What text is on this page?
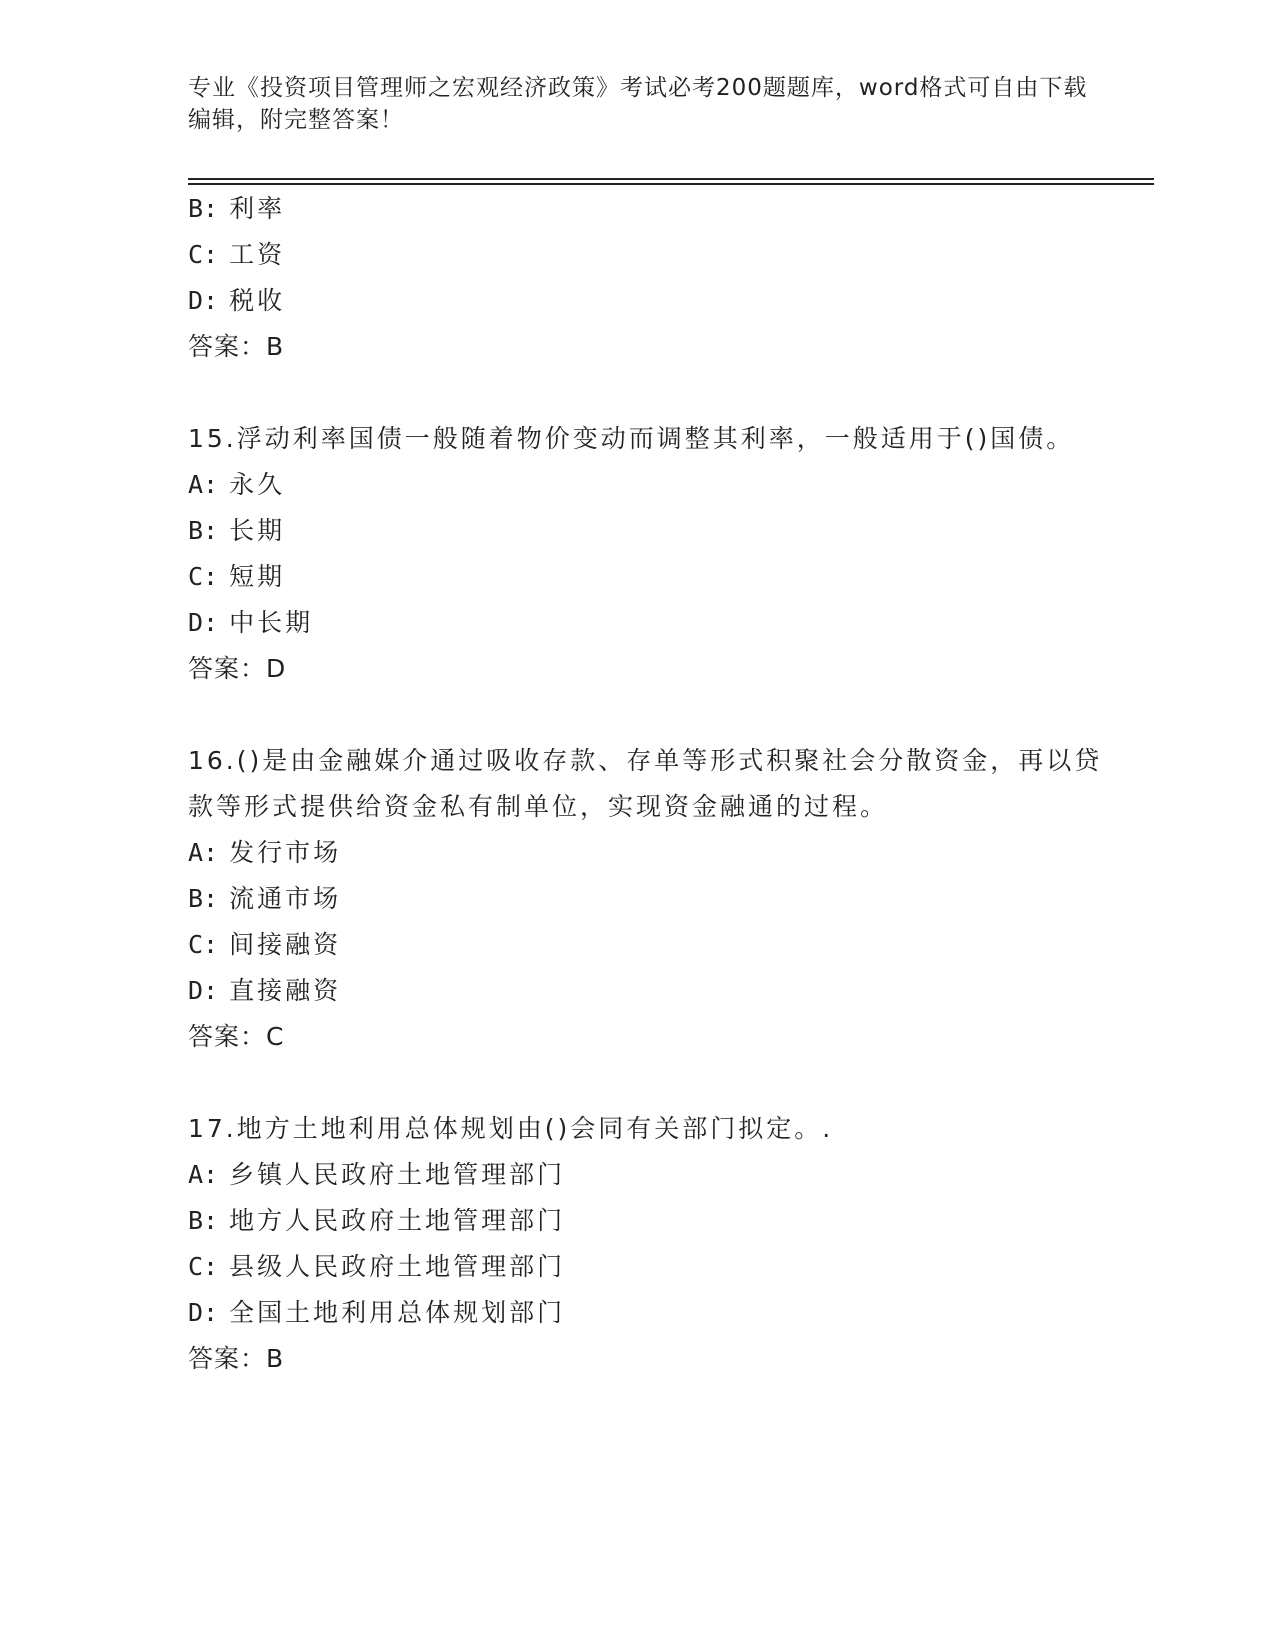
专业《投资项目管理师之宏观经济政策》考试必考200题题库，word格式可自由下载编辑，附完整答案！
B: 利率
C: 工资
D: 税收
答案：B
15.浮动利率国债一般随着物价变动而调整其利率，一般适用于()国债。
A: 永久
B: 长期
C: 短期
D: 中长期
答案：D
16.()是由金融媒介通过吸收存款、存单等形式积聚社会分散资金，再以贷款等形式提供给资金私有制单位，实现资金融通的过程。
A: 发行市场
B: 流通市场
C: 间接融资
D: 直接融资
答案：C
17.地方土地利用总体规划由()会同有关部门拟定。.
A: 乡镇人民政府土地管理部门
B: 地方人民政府土地管理部门
C: 县级人民政府土地管理部门
D: 全国土地利用总体规划部门
答案：B
